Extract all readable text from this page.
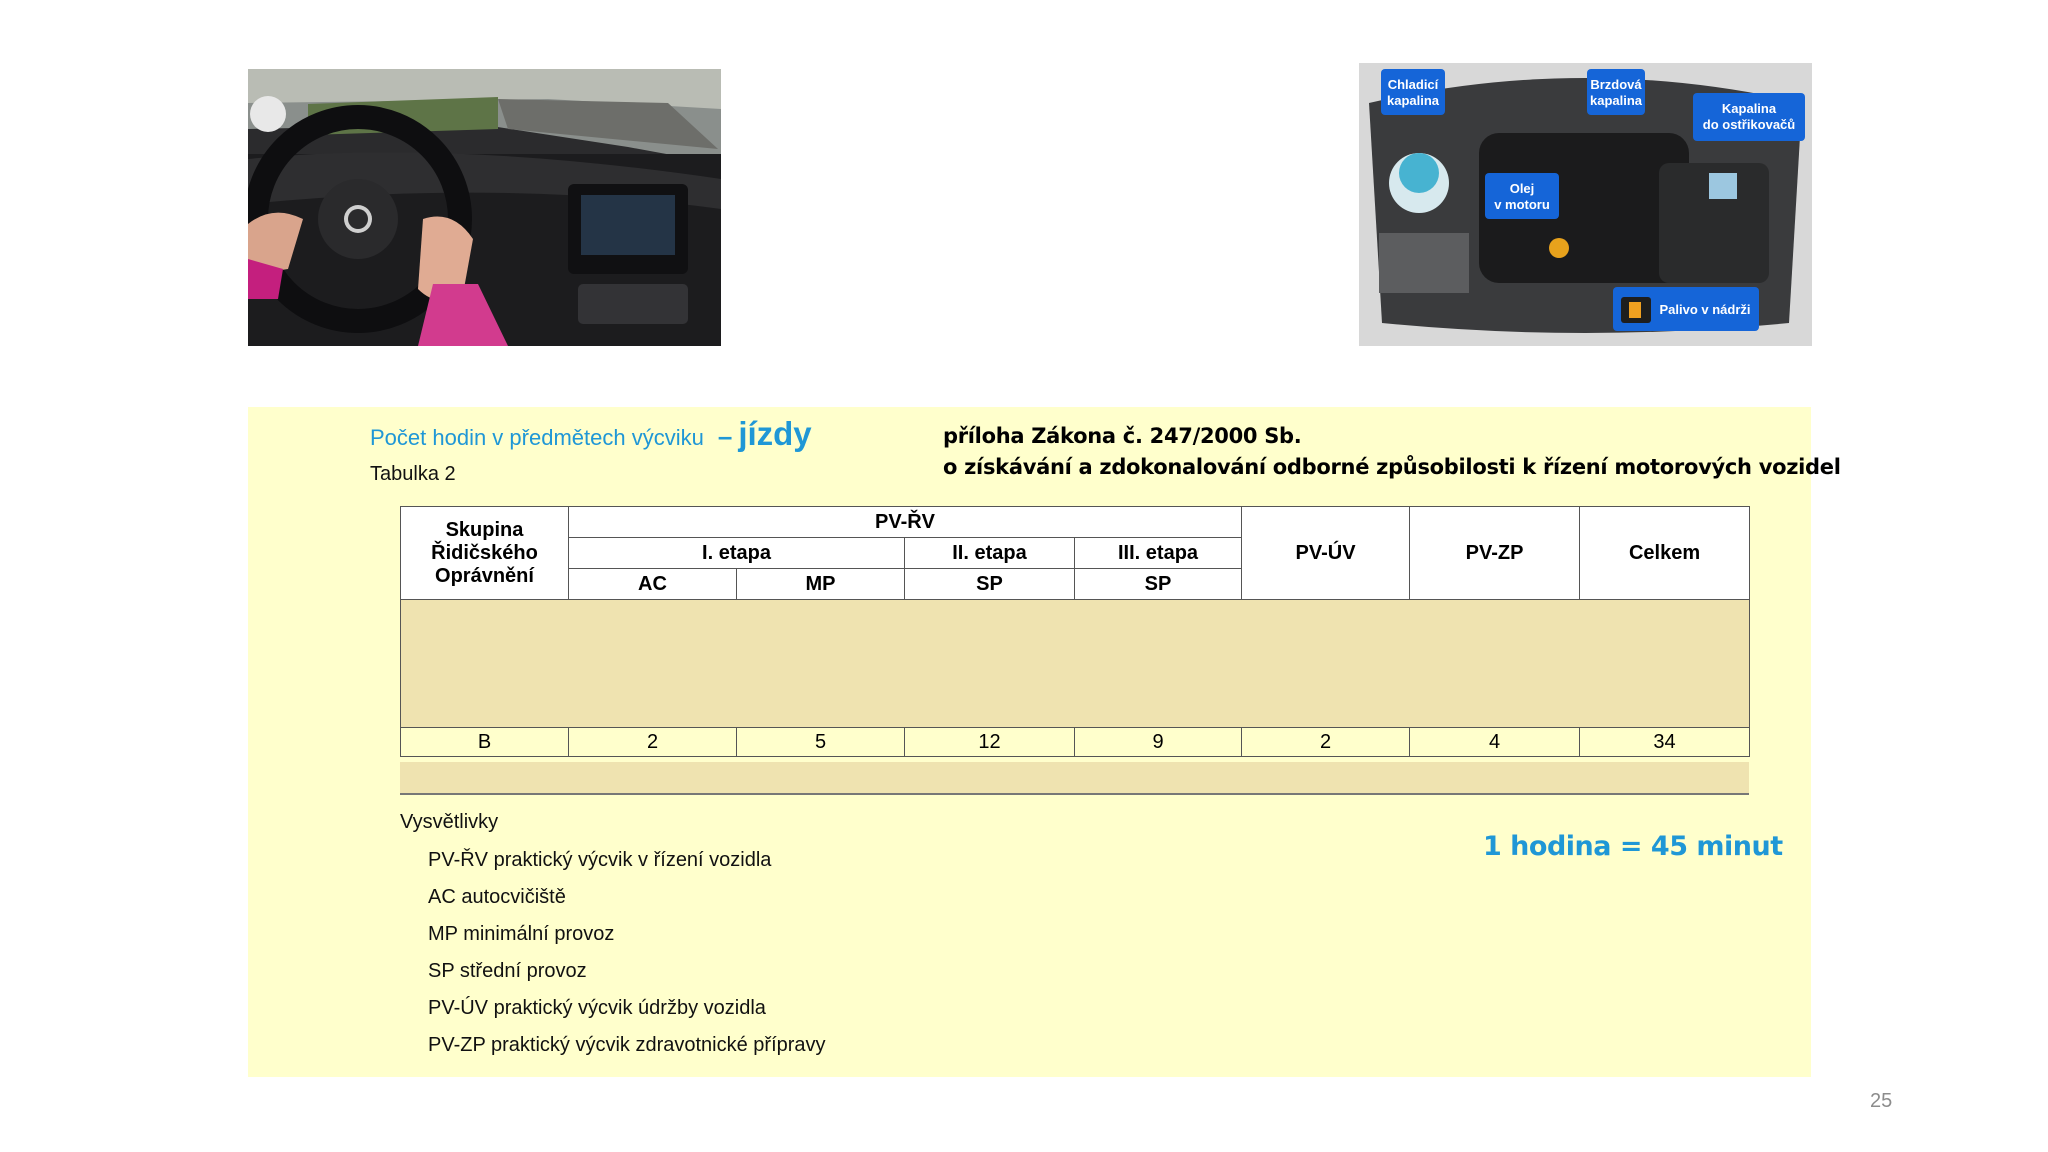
Chladicí
kapalina
Brzdová
kapalina
Kapalina
do ostřikovačů
Olej
v motoru
Palivo v nádrži
Počet hodin v předmětech výcviku – jízdy
Tabulka 2
příloha Zákona č. 247/2000 Sb.
o získávání a zdokonalování odborné způsobilosti k řízení motorových vozidel
Skupina
Řidičského
Oprávnění	PV-ŘV				PV-ÚV	PV-ZP	Celkem
	I. etapa		II. etapa	III. etapa			
	AC	MP	SP	SP			

B	2	5	12	9	2	4	34
Vysvětlivky
PV-ŘV praktický výcvik v řízení vozidla
AC autocvičiště
MP minimální provoz
SP střední provoz
PV-ÚV praktický výcvik údržby vozidla
PV-ZP praktický výcvik zdravotnické přípravy
1 hodina = 45 minut
25
